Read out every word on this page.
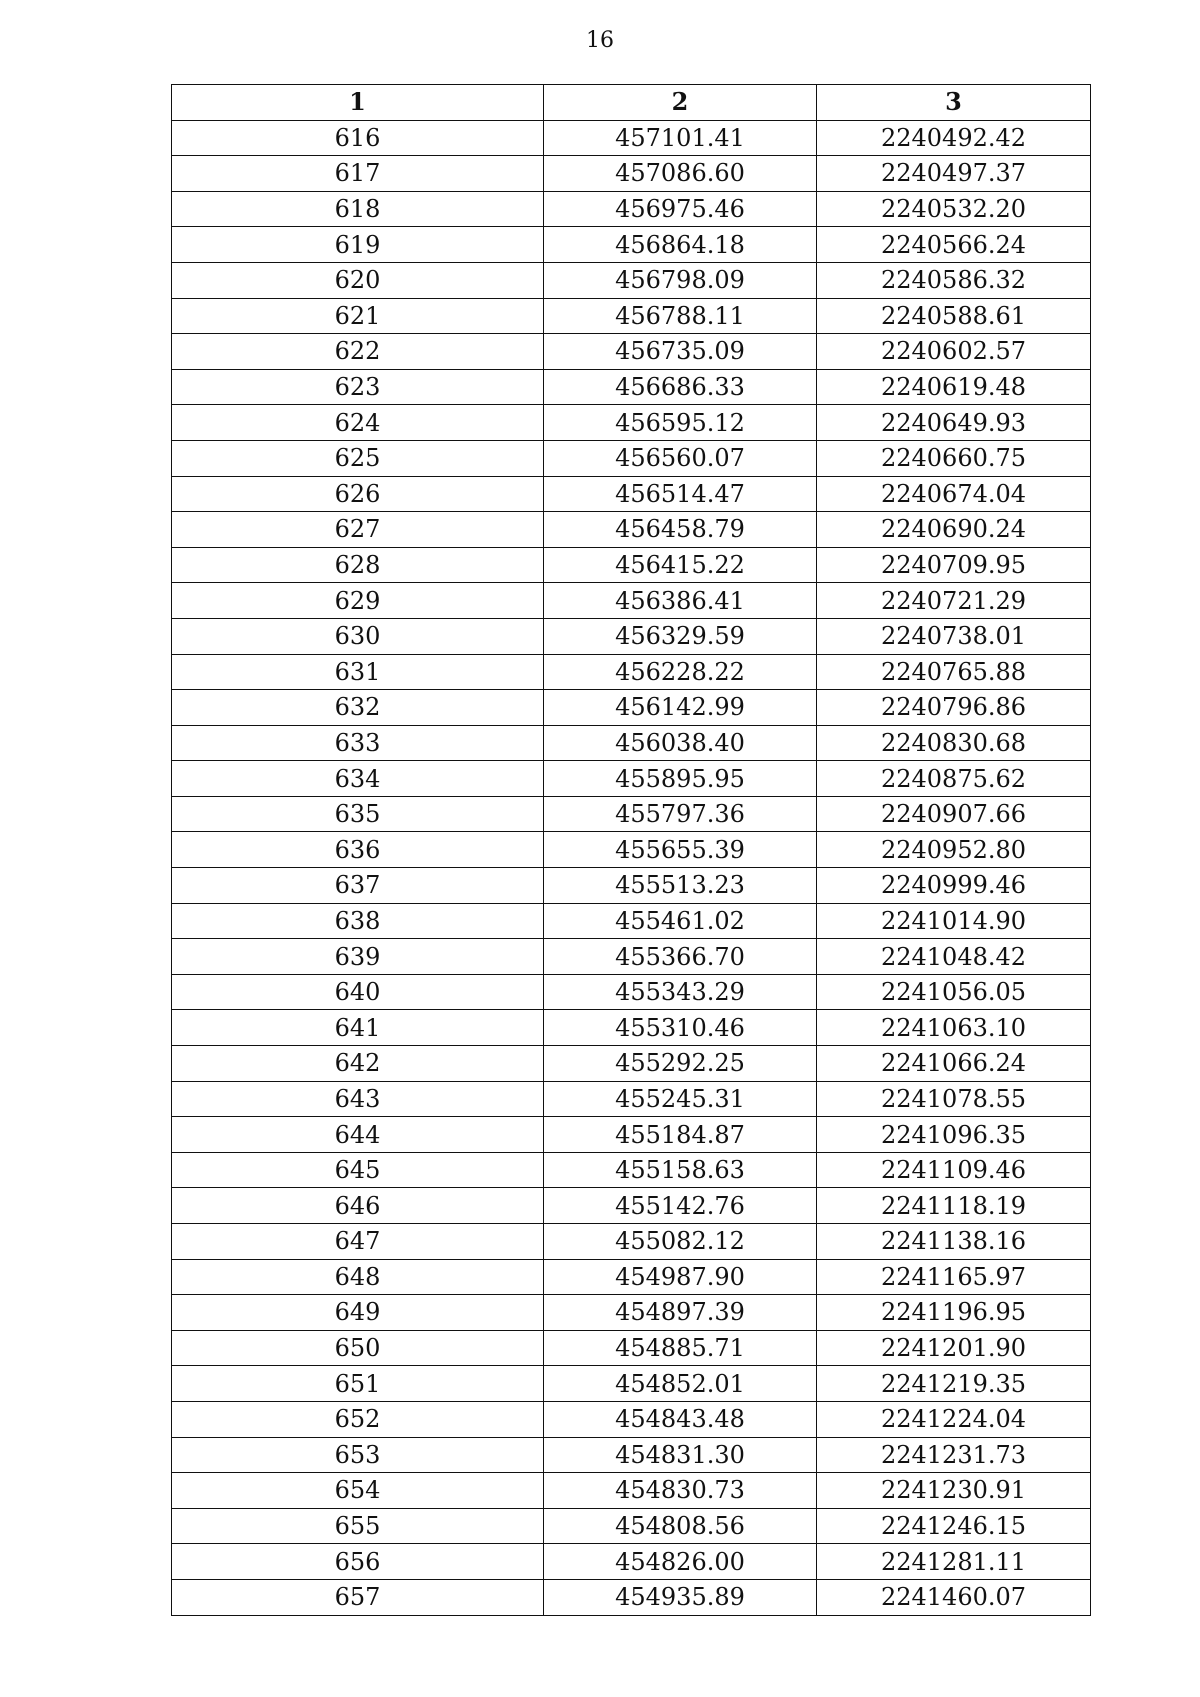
16
1	2	3
616	457101.41	2240492.42
617	457086.60	2240497.37
618	456975.46	2240532.20
619	456864.18	2240566.24
620	456798.09	2240586.32
621	456788.11	2240588.61
622	456735.09	2240602.57
623	456686.33	2240619.48
624	456595.12	2240649.93
625	456560.07	2240660.75
626	456514.47	2240674.04
627	456458.79	2240690.24
628	456415.22	2240709.95
629	456386.41	2240721.29
630	456329.59	2240738.01
631	456228.22	2240765.88
632	456142.99	2240796.86
633	456038.40	2240830.68
634	455895.95	2240875.62
635	455797.36	2240907.66
636	455655.39	2240952.80
637	455513.23	2240999.46
638	455461.02	2241014.90
639	455366.70	2241048.42
640	455343.29	2241056.05
641	455310.46	2241063.10
642	455292.25	2241066.24
643	455245.31	2241078.55
644	455184.87	2241096.35
645	455158.63	2241109.46
646	455142.76	2241118.19
647	455082.12	2241138.16
648	454987.90	2241165.97
649	454897.39	2241196.95
650	454885.71	2241201.90
651	454852.01	2241219.35
652	454843.48	2241224.04
653	454831.30	2241231.73
654	454830.73	2241230.91
655	454808.56	2241246.15
656	454826.00	2241281.11
657	454935.89	2241460.07
